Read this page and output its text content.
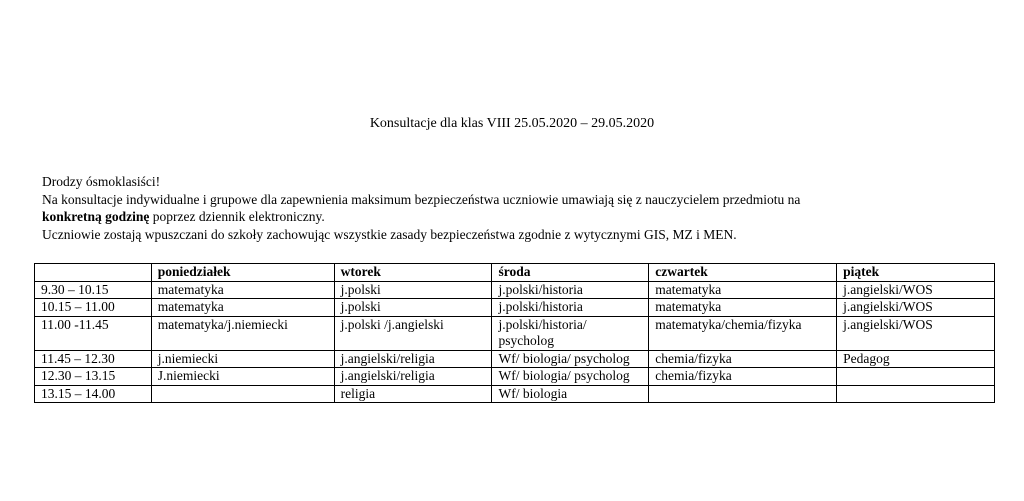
Konsultacje dla klas VIII 25.05.2020 – 29.05.2020

Drodzy ósmoklasiści!

Na konsultacje indywidualne i grupowe dla zapewnienia maksimum bezpieczeństwa uczniowie umawiają się z nauczycielem przedmiotu na
konkretną godzinę poprzez dziennik elektroniczny.

Uczniowie zostają wpuszczani do szkoły zachowując wszystkie zasady bezpieczeństwa zgodnie z wytycznymi GIS, MZ i MEN.

	poniedziałek	wtorek	środa	czwartek	piątek
9.30 – 10.15	matematyka	j.polski	j.polski/historia	matematyka	j.angielski/WOS
10.15 – 11.00	matematyka	j.polski	j.polski/historia	matematyka	j.angielski/WOS
11.00 -11.45	matematyka/j.niemiecki	j.polski /j.angielski	j.polski/historia/ psycholog	matematyka/chemia/fizyka	j.angielski/WOS
11.45 – 12.30	j.niemiecki	j.angielski/religia	Wf/ biologia/ psycholog	chemia/fizyka	Pedagog
12.30 – 13.15	J.niemiecki	j.angielski/religia	Wf/ biologia/ psycholog	chemia/fizyka	
13.15 – 14.00		religia	Wf/ biologia		
